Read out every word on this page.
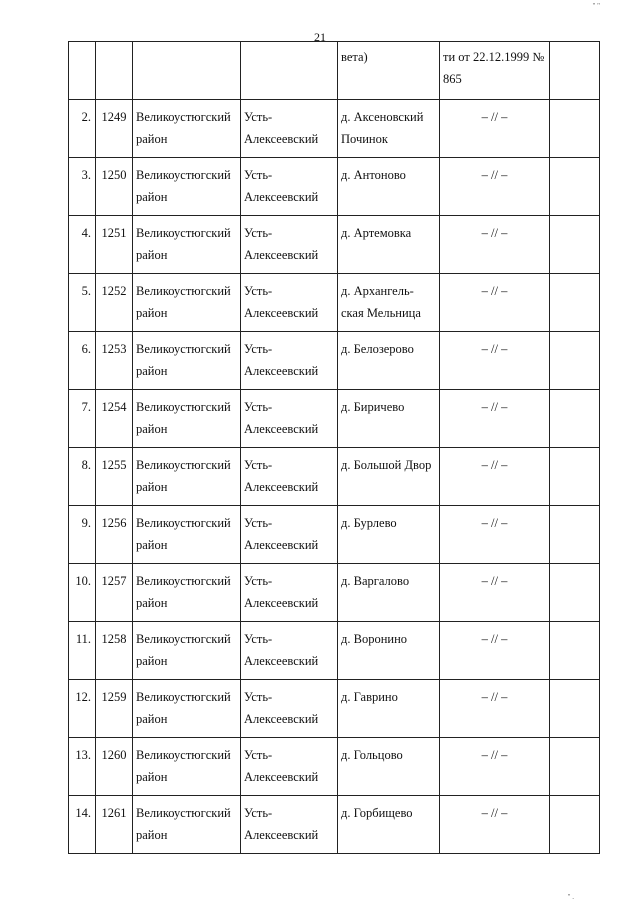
21
" "
" .
				вета)	ти от 22.12.1999 № 865	
2.	1249	Великоустюгский район	Усть-Алексеевский	д. Аксеновский Починок	– // –	
3.	1250	Великоустюгский район	Усть-Алексеевский	д. Антоново	– // –	
4.	1251	Великоустюгский район	Усть-Алексеевский	д. Артемовка	– // –	
5.	1252	Великоустюгский район	Усть-Алексеевский	д. Архангель-ская Мельница	– // –	
6.	1253	Великоустюгский район	Усть-Алексеевский	д. Белозерово	– // –	
7.	1254	Великоустюгский район	Усть-Алексеевский	д. Биричево	– // –	
8.	1255	Великоустюгский район	Усть-Алексеевский	д. Большой Двор	– // –	
9.	1256	Великоустюгский район	Усть-Алексеевский	д. Бурлево	– // –	
10.	1257	Великоустюгский район	Усть-Алексеевский	д. Варгалово	– // –	
11.	1258	Великоустюгский район	Усть-Алексеевский	д. Воронино	– // –	
12.	1259	Великоустюгский район	Усть-Алексеевский	д. Гаврино	– // –	
13.	1260	Великоустюгский район	Усть-Алексеевский	д. Гольцово	– // –	
14.	1261	Великоустюгский район	Усть-Алексеевский	д. Горбищево	– // –	
